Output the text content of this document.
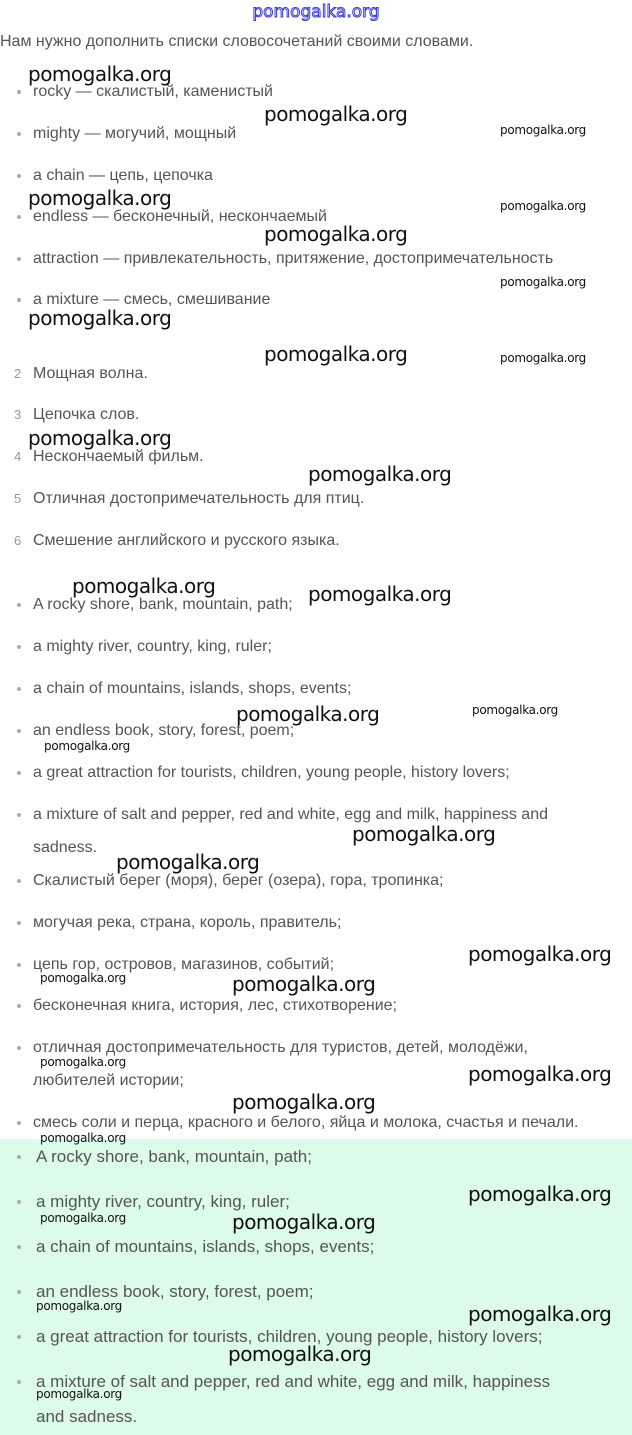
pomogalka.org
Нам нужно дополнить списки словосочетаний своими словами.
rocky — скалистый, каменистый
mighty — могучий, мощный
a chain — цепь, цепочка
endless — бесконечный, нескончаемый
attraction — привлекательность, притяжение, достопримечательность
a mixture — смесь, смешивание
2 Мощная волна.
3 Цепочка слов.
4 Нескончаемый фильм.
5 Отличная достопримечательность для птиц.
6 Смешение английского и русского языка.
A rocky shore, bank, mountain, path;
a mighty river, country, king, ruler;
a chain of mountains, islands, shops, events;
an endless book, story, forest, poem;
a great attraction for tourists, children, young people, history lovers;
a mixture of salt and pepper, red and white, egg and milk, happiness and
sadness.
Скалистый берег (моря), берег (озера), гора, тропинка;
могучая река, страна, король, правитель;
цепь гор, островов, магазинов, событий;
бесконечная книга, история, лес, стихотворение;
отличная достопримечательность для туристов, детей, молодёжи,
любителей истории;
смесь соли и перца, красного и белого, яйца и молока, счастья и печали.
A rocky shore, bank, mountain, path;
a mighty river, country, king, ruler;
a chain of mountains, islands, shops, events;
an endless book, story, forest, poem;
a great attraction for tourists, children, young people, history lovers;
a mixture of salt and pepper, red and white, egg and milk, happiness
and sadness.
pomogalka.org
pomogalka.org
pomogalka.org
pomogalka.org
pomogalka.org
pomogalka.org
pomogalka.org
pomogalka.org
pomogalka.org	pomogalka.org
pomogalka.org
pomogalka.org
pomogalka.org
pomogalka.org
pomogalka.org
pomogalka.org
pomogalka.org
pomogalka.org
pomogalka.org
pomogalka.org
pomogalka.org
pomogalka.org
pomogalka.org
pomogalka.org
pomogalka.org
pomogalka.org
pomogalka.org
pomogalka.org
pomogalka.org
pomogalka.org
pomogalka.org
pomogalka.org
pomogalka.org
